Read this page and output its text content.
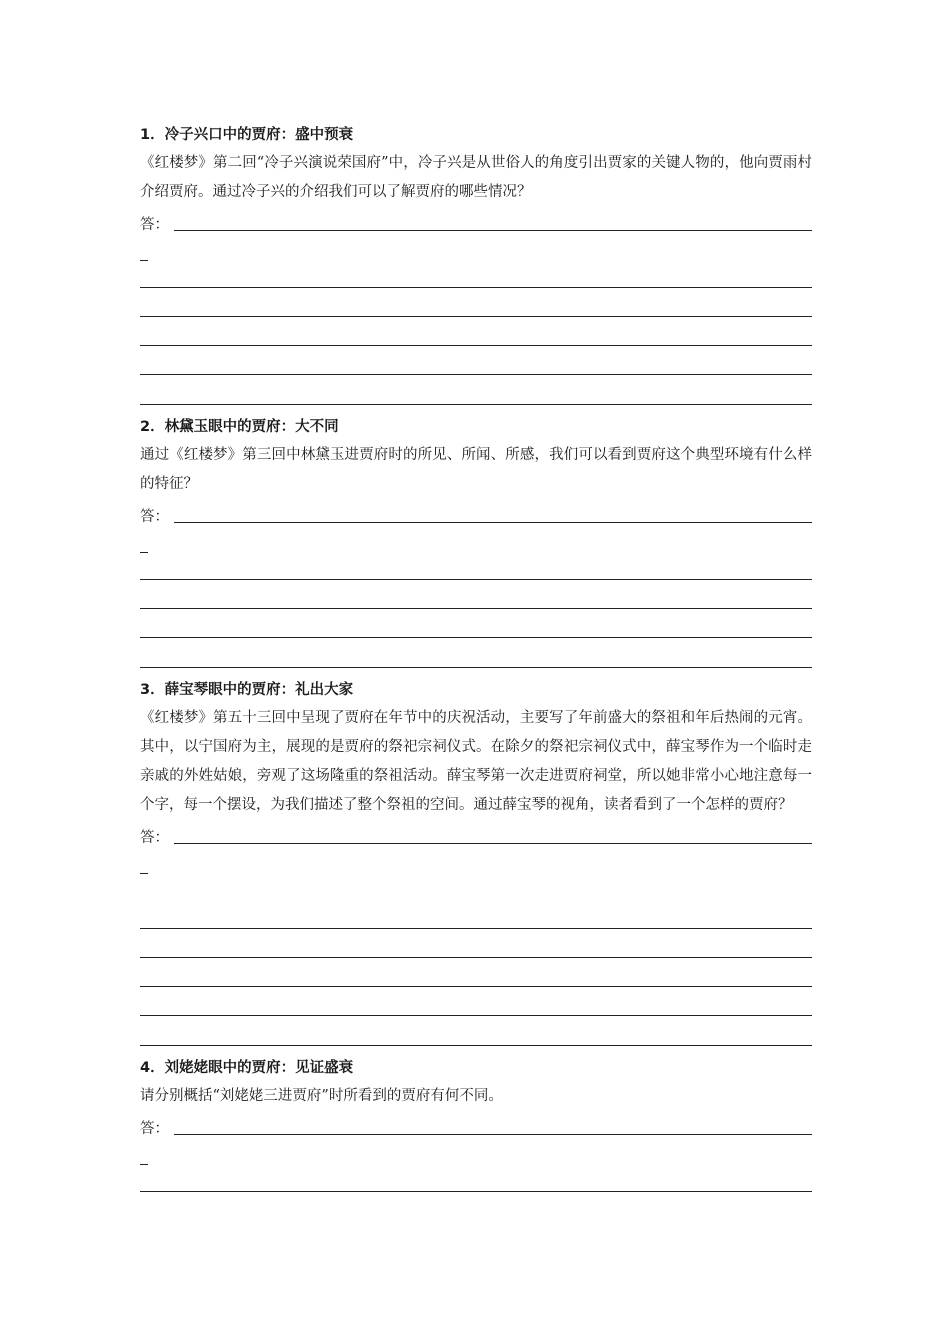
1．冷子兴口中的贾府：盛中预衰

《红楼梦》第二回“冷子兴演说荣国府”中，冷子兴是从世俗人的角度引出贾家的关键人物的，他向贾雨村介绍贾府。通过冷子兴的介绍我们可以了解贾府的哪些情况？

答：

2．林黛玉眼中的贾府：大不同

通过《红楼梦》第三回中林黛玉进贾府时的所见、所闻、所感，我们可以看到贾府这个典型环境有什么样的特征？

答：

3．薛宝琴眼中的贾府：礼出大家

《红楼梦》第五十三回中呈现了贾府在年节中的庆祝活动，主要写了年前盛大的祭祖和年后热闹的元宵。其中，以宁国府为主，展现的是贾府的祭祀宗祠仪式。在除夕的祭祀宗祠仪式中，薛宝琴作为一个临时走亲戚的外姓姑娘，旁观了这场隆重的祭祖活动。薛宝琴第一次走进贾府祠堂，所以她非常小心地注意每一个字，每一个摆设，为我们描述了整个祭祖的空间。通过薛宝琴的视角，读者看到了一个怎样的贾府？

答：

4．刘姥姥眼中的贾府：见证盛衰

请分别概括“刘姥姥三进贾府”时所看到的贾府有何不同。

答：
